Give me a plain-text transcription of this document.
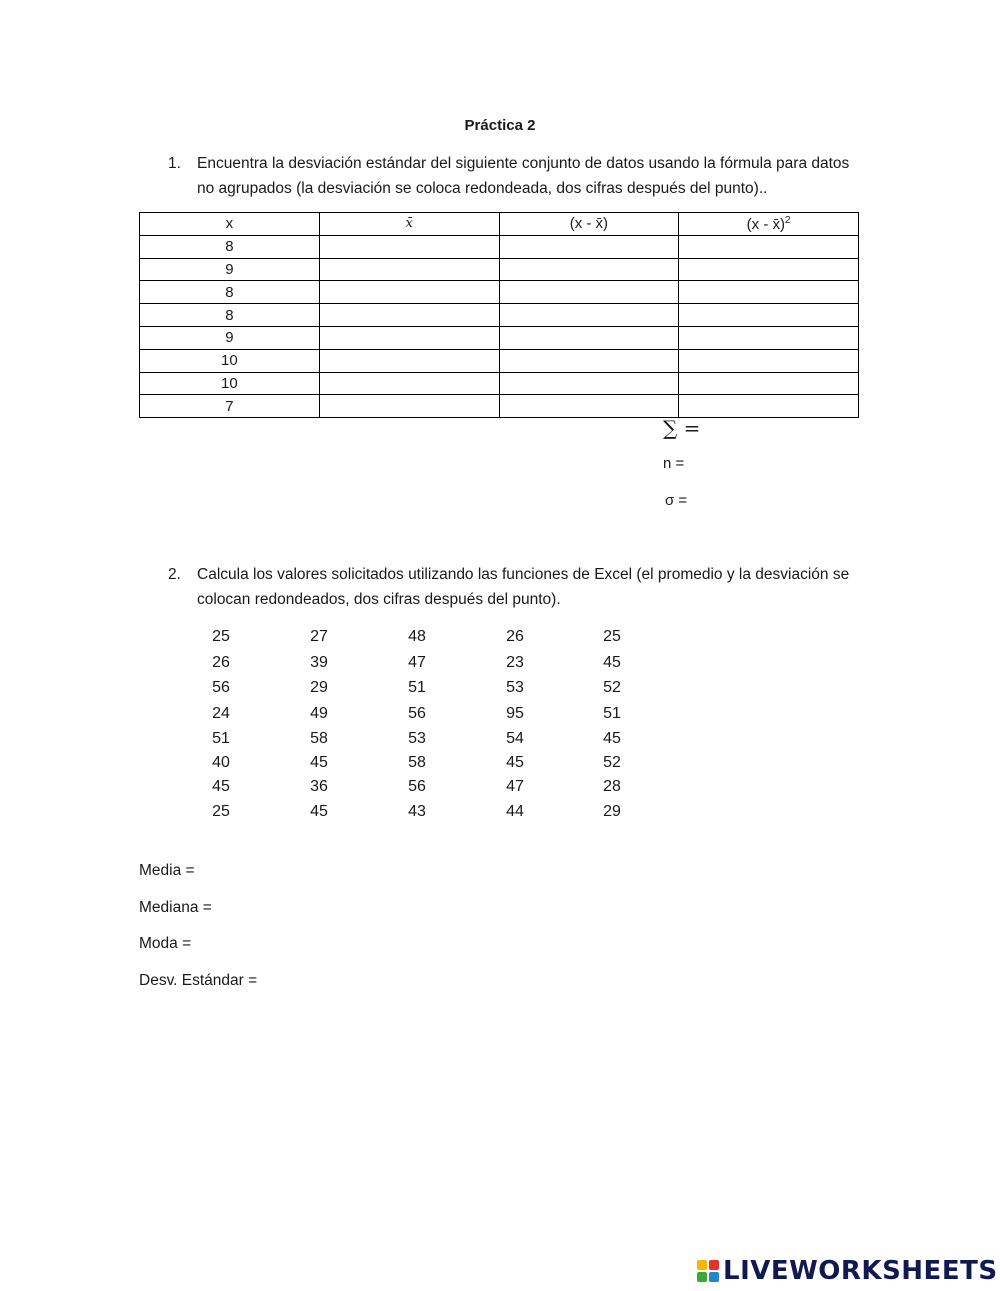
Práctica 2
1. Encuentra la desviación estándar del siguiente conjunto de datos usando la fórmula para datos no agrupados (la desviación se coloca redondeada, dos cifras después del punto)..
x	x̄	(x - x̄)	(x - x̄)$^2$
8			
9			
8			
8			
9			
10			
10			
7			
∑ =
n =
σ =
2. Calcula los valores solicitados utilizando las funciones de Excel (el promedio y la desviación se colocan redondeados, dos cifras después del punto).
25	27	48	26	25
26	39	47	23	45
56	29	51	53	52
24	49	56	95	51
51	58	53	54	45
40	45	58	45	52
45	36	56	47	28
25	45	43	44	29
Media =
Mediana =
Moda =
Desv. Estándar =
LIVEWORKSHEETS
